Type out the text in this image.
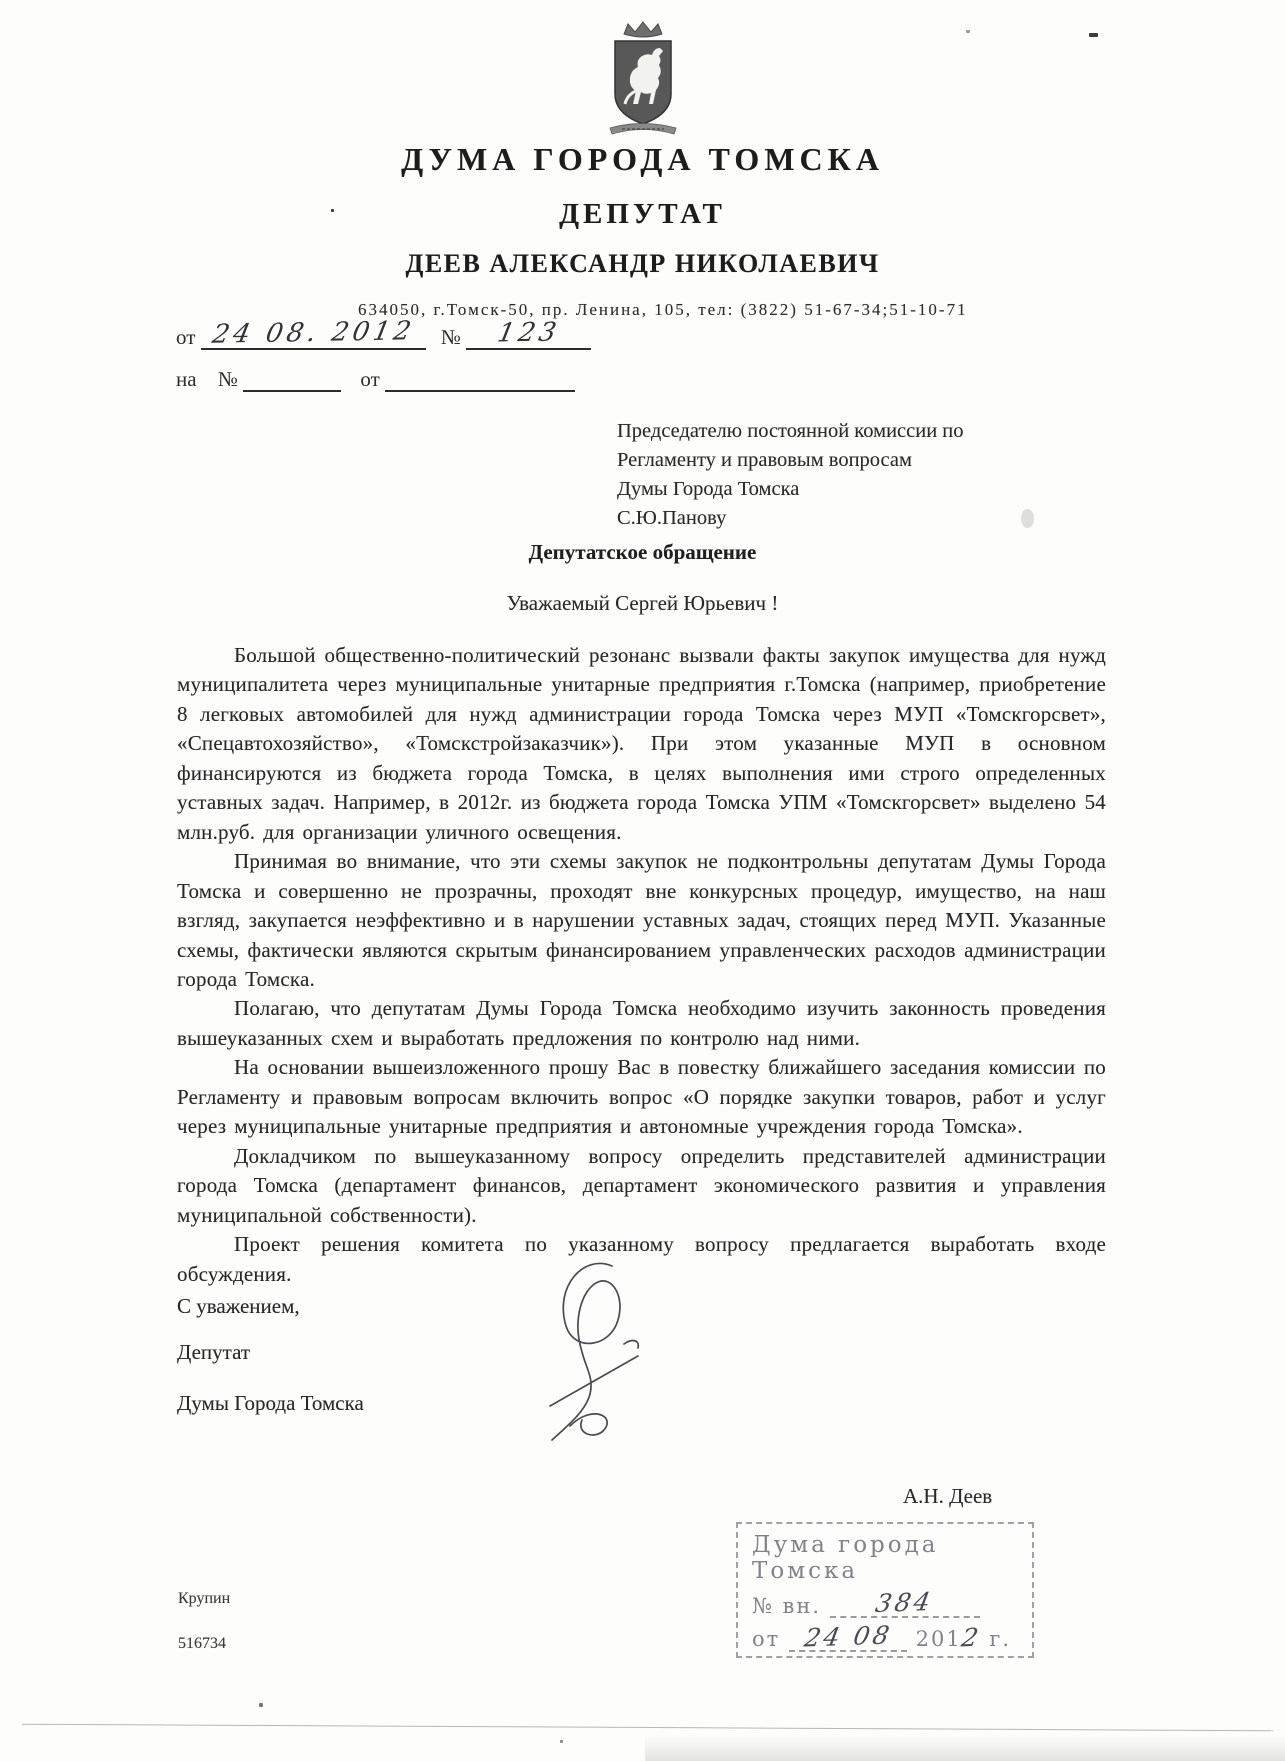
ДУМА ГОРОДА ТОМСКА
ДЕПУТАТ
ДЕЕВ АЛЕКСАНДР НИКОЛАЕВИЧ
634050, г.Томск-50, пр. Ленина, 105, тел: (3822) 51-67-34;51-10-71
от 24 08. 2012 № 123
на №	от
Председателю постоянной комиссии по
Регламенту и правовым вопросам
Думы Города Томска
С.Ю.Панову
Депутатское обращение
Уважаемый Сергей Юрьевич !

Большой общественно-политический резонанс вызвали факты закупок имущества для нужд муниципалитета через муниципальные унитарные предприятия г.Томска (например, приобретение 8 легковых автомобилей для нужд администрации города Томска через МУП «Томскгорсвет», «Спецавтохозяйство», «Томскстройзаказчик»). При этом указанные МУП в основном финансируются из бюджета города Томска, в целях выполнения ими строго определенных уставных задач. Например, в 2012г. из бюджета города Томска УПМ «Томскгорсвет» выделено 54 млн.руб. для организации уличного освещения.

Принимая во внимание, что эти схемы закупок не подконтрольны депутатам Думы Города Томска и совершенно не прозрачны, проходят вне конкурсных процедур, имущество, на наш взгляд, закупается неэффективно и в нарушении уставных задач, стоящих перед МУП. Указанные схемы, фактически являются скрытым финансированием управленческих расходов администрации города Томска.

Полагаю, что депутатам Думы Города Томска необходимо изучить законность проведения вышеуказанных схем и выработать предложения по контролю над ними.

На основании вышеизложенного прошу Вас в повестку ближайшего заседания комиссии по Регламенту и правовым вопросам включить вопрос «О порядке закупки товаров, работ и услуг через муниципальные унитарные предприятия и автономные учреждения города Томска».

Докладчиком по вышеуказанному вопросу определить представителей администрации города Томска (департамент финансов, департамент экономического развития и управления муниципальной собственности).

Проект решения комитета по указанному вопросу предлагается выработать входе обсуждения.

С уважением,
Депутат
Думы Города Томска
А.Н. Деев
Дума города Томска
№ вн. 384
от 24 08 2012 г.
Крупин
516734
